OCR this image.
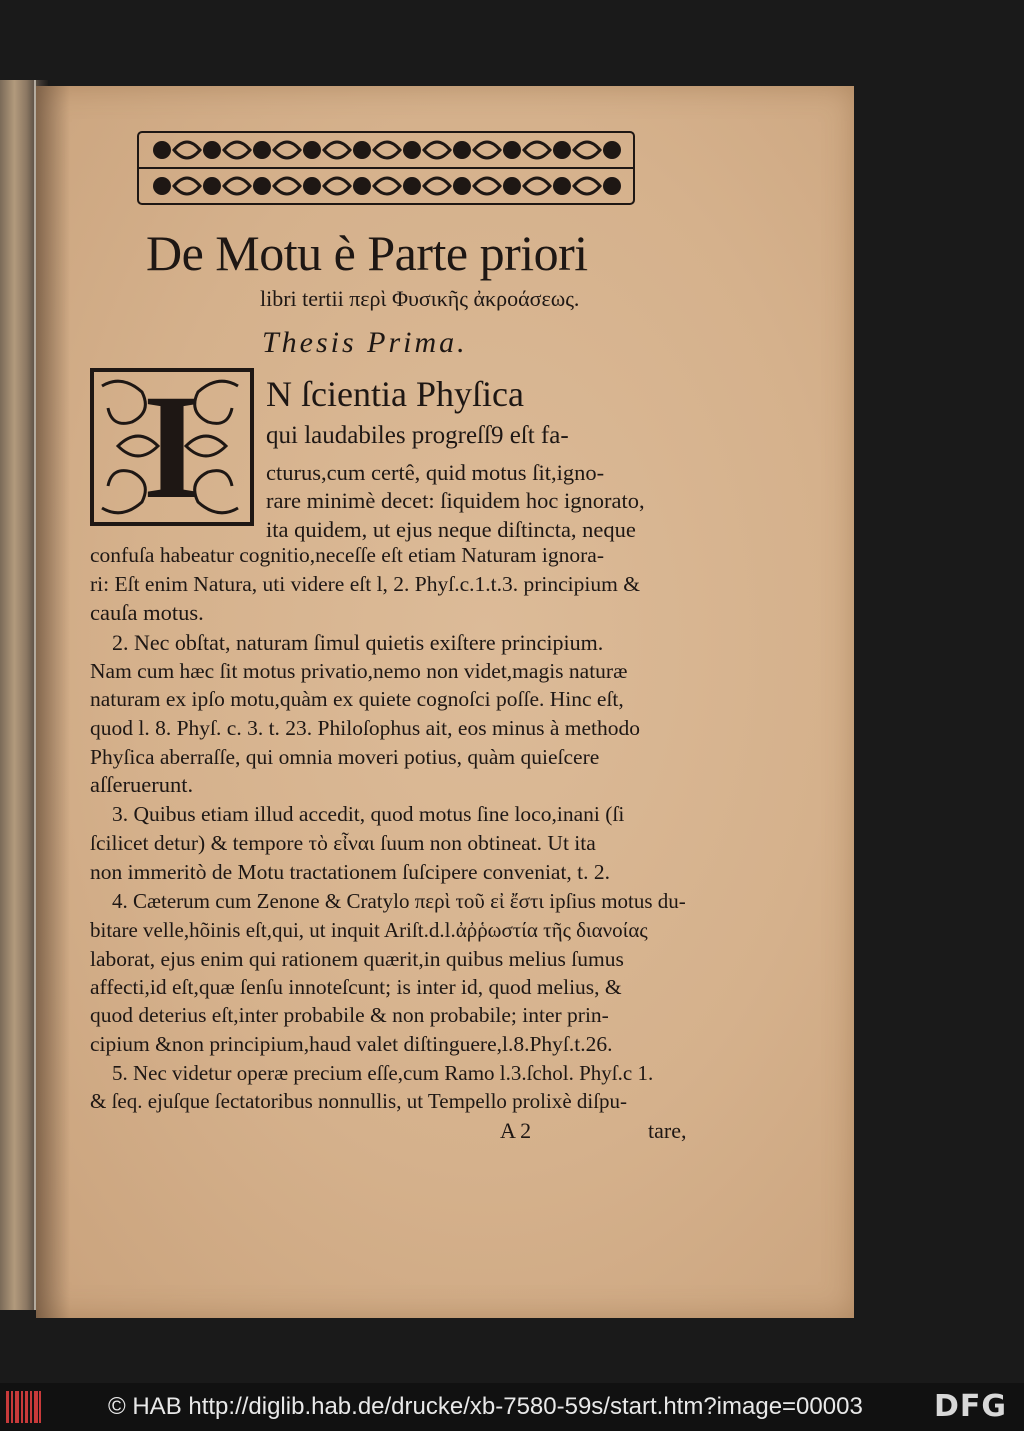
De Motu è Parte priori
libri tertii περὶ Φυσικῆς ἀκροάσεως.
Thesis Prima.
I	N ſcientia Phyſica
qui laudabiles progreſſ9 eſt fa-
cturus,cum certê, quid motus ſit,igno-
rare minimè decet: ſiquidem hoc ignorato,
ita quidem, ut ejus neque diſtincta, neque
confuſa habeatur cognitio,neceſſe eſt etiam Naturam ignora-
ri: Eſt enim Natura, uti videre eſt l, 2. Phyſ.c.1.t.3. principium &
cauſa motus.
2. Nec obſtat, naturam ſimul quietis exiſtere principium.
Nam cum hæc ſit motus privatio,nemo non videt,magis naturæ
naturam ex ipſo motu,quàm ex quiete cognoſci poſſe. Hinc eſt,
quod l. 8. Phyſ. c. 3. t. 23. Philoſophus ait, eos minus à methodo
Phyſica aberraſſe, qui omnia moveri potius, quàm quieſcere
aſſeruerunt.
3. Quibus etiam illud accedit, quod motus ſine loco,inani (ſi
ſcilicet detur) & tempore τὸ εἶναι ſuum non obtineat. Ut ita
non immeritò de Motu tractationem ſuſcipere conveniat, t. 2.
4. Cæterum cum Zenone & Cratylo περὶ τοῦ εἰ ἔστι ipſius motus du-
bitare velle,hõinis eſt,qui, ut inquit Ariſt.d.l.ἀῤῥωστία τῆς διανοίας
laborat, ejus enim qui rationem quærit,in quibus melius ſumus
affecti,id eſt,quæ ſenſu innoteſcunt; is inter id, quod melius, &
quod deterius eſt,inter probabile & non probabile; inter prin-
cipium &non principium,haud valet diſtinguere,l.8.Phyſ.t.26.
5. Nec videtur operæ precium eſſe,cum Ramo l.3.ſchol. Phyſ.c 1.
& ſeq. ejuſque ſectatoribus nonnullis, ut Tempello prolixè diſpu-
A 2	tare,
© HAB http://diglib.hab.de/drucke/xb-7580-59s/start.htm?image=00003 DFG
